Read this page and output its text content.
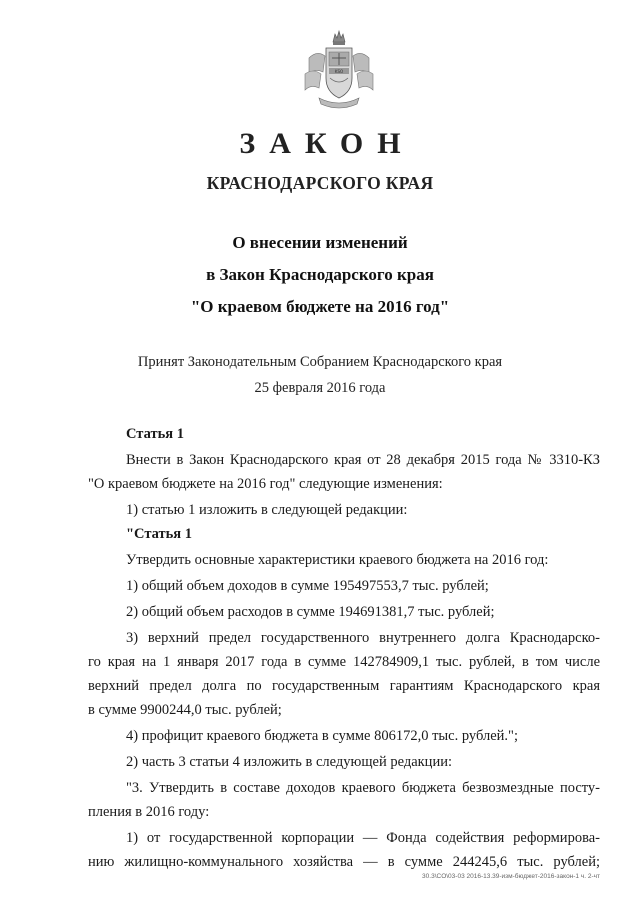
KSO
ЗАКОН
КРАСНОДАРСКОГО КРАЯ
О внесении изменений
в Закон Краснодарского края
"О краевом бюджете на 2016 год"
Принят Законодательным Собранием Краснодарского края
25 февраля 2016 года
Статья 1
Внести в Закон Краснодарского края от 28 декабря 2015 года № 3310-КЗ
"О краевом бюджете на 2016 год" следующие изменения:
1) статью 1 изложить в следующей редакции:
"Статья 1
Утвердить основные характеристики краевого бюджета на 2016 год:
1) общий объем доходов в сумме 195497553,7 тыс. рублей;
2) общий объем расходов в сумме 194691381,7 тыс. рублей;
3) верхний предел государственного внутреннего долга Краснодарско-
го края на 1 января 2017 года в сумме 142784909,1 тыс. рублей, в том числе
верхний предел долга по государственным гарантиям Краснодарского края
в сумме 9900244,0 тыс. рублей;
4) профицит краевого бюджета в сумме 806172,0 тыс. рублей.";
2) часть 3 статьи 4 изложить в следующей редакции:
"3. Утвердить в составе доходов краевого бюджета безвозмездные посту-
пления в 2016 году:
1) от государственной корпорации — Фонда содействия реформирова-
нию жилищно-коммунального хозяйства — в сумме 244245,6 тыс. рублей;
30.3\CO\03-03 2016-13.39-изм-бюджет-2016-закон-1 ч. 2-чт
